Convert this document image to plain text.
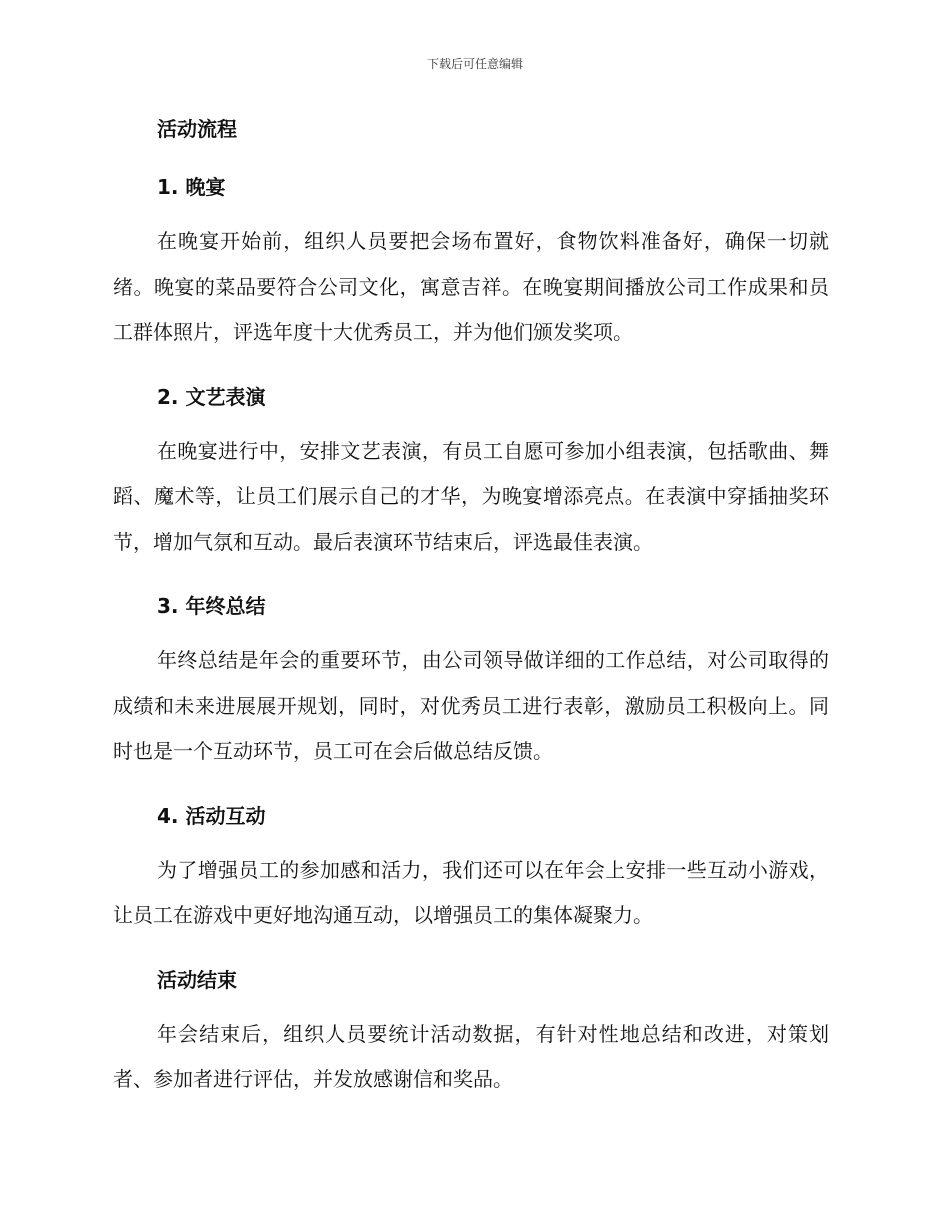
下载后可任意编辑
活动流程
1. 晚宴

在晚宴开始前，组织人员要把会场布置好，食物饮料准备好，确保一切就绪。晚宴的菜品要符合公司文化，寓意吉祥。在晚宴期间播放公司工作成果和员工群体照片，评选年度十大优秀员工，并为他们颁发奖项。

2. 文艺表演

在晚宴进行中，安排文艺表演，有员工自愿可参加小组表演，包括歌曲、舞蹈、魔术等，让员工们展示自己的才华，为晚宴增添亮点。在表演中穿插抽奖环节，增加气氛和互动。最后表演环节结束后，评选最佳表演。

3. 年终总结

年终总结是年会的重要环节，由公司领导做详细的工作总结，对公司取得的成绩和未来进展展开规划，同时，对优秀员工进行表彰，激励员工积极向上。同时也是一个互动环节，员工可在会后做总结反馈。

4. 活动互动

为了增强员工的参加感和活力，我们还可以在年会上安排一些互动小游戏，让员工在游戏中更好地沟通互动，以增强员工的集体凝聚力。

活动结束

年会结束后，组织人员要统计活动数据，有针对性地总结和改进，对策划者、参加者进行评估，并发放感谢信和奖品。
